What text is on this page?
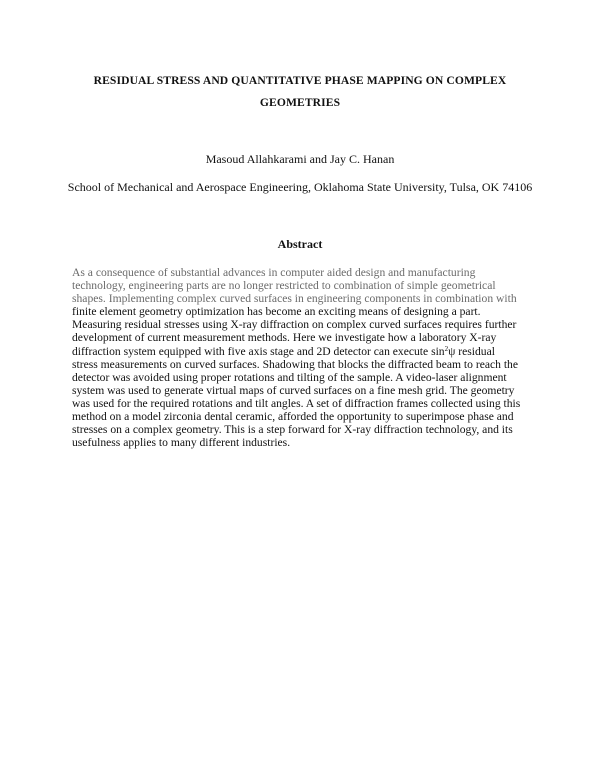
RESIDUAL STRESS AND QUANTITATIVE PHASE MAPPING ON COMPLEX
GEOMETRIES
Masoud Allahkarami and Jay C. Hanan
School of Mechanical and Aerospace Engineering, Oklahoma State University, Tulsa, OK 74106
Abstract
As a consequence of substantial advances in computer aided design and manufacturing
technology, engineering parts are no longer restricted to combination of simple geometrical
shapes. Implementing complex curved surfaces in engineering components in combination with
finite element geometry optimization has become an exciting means of designing a part.
Measuring residual stresses using X-ray diffraction on complex curved surfaces requires further
development of current measurement methods. Here we investigate how a laboratory X-ray
diffraction system equipped with five axis stage and 2D detector can execute $\sin^2\psi$ residual
stress measurements on curved surfaces. Shadowing that blocks the diffracted beam to reach the
detector was avoided using proper rotations and tilting of the sample. A video-laser alignment
system was used to generate virtual maps of curved surfaces on a fine mesh grid. The geometry
was used for the required rotations and tilt angles. A set of diffraction frames collected using this
method on a model zirconia dental ceramic, afforded the opportunity to superimpose phase and
stresses on a complex geometry. This is a step forward for X-ray diffraction technology, and its
usefulness applies to many different industries.
